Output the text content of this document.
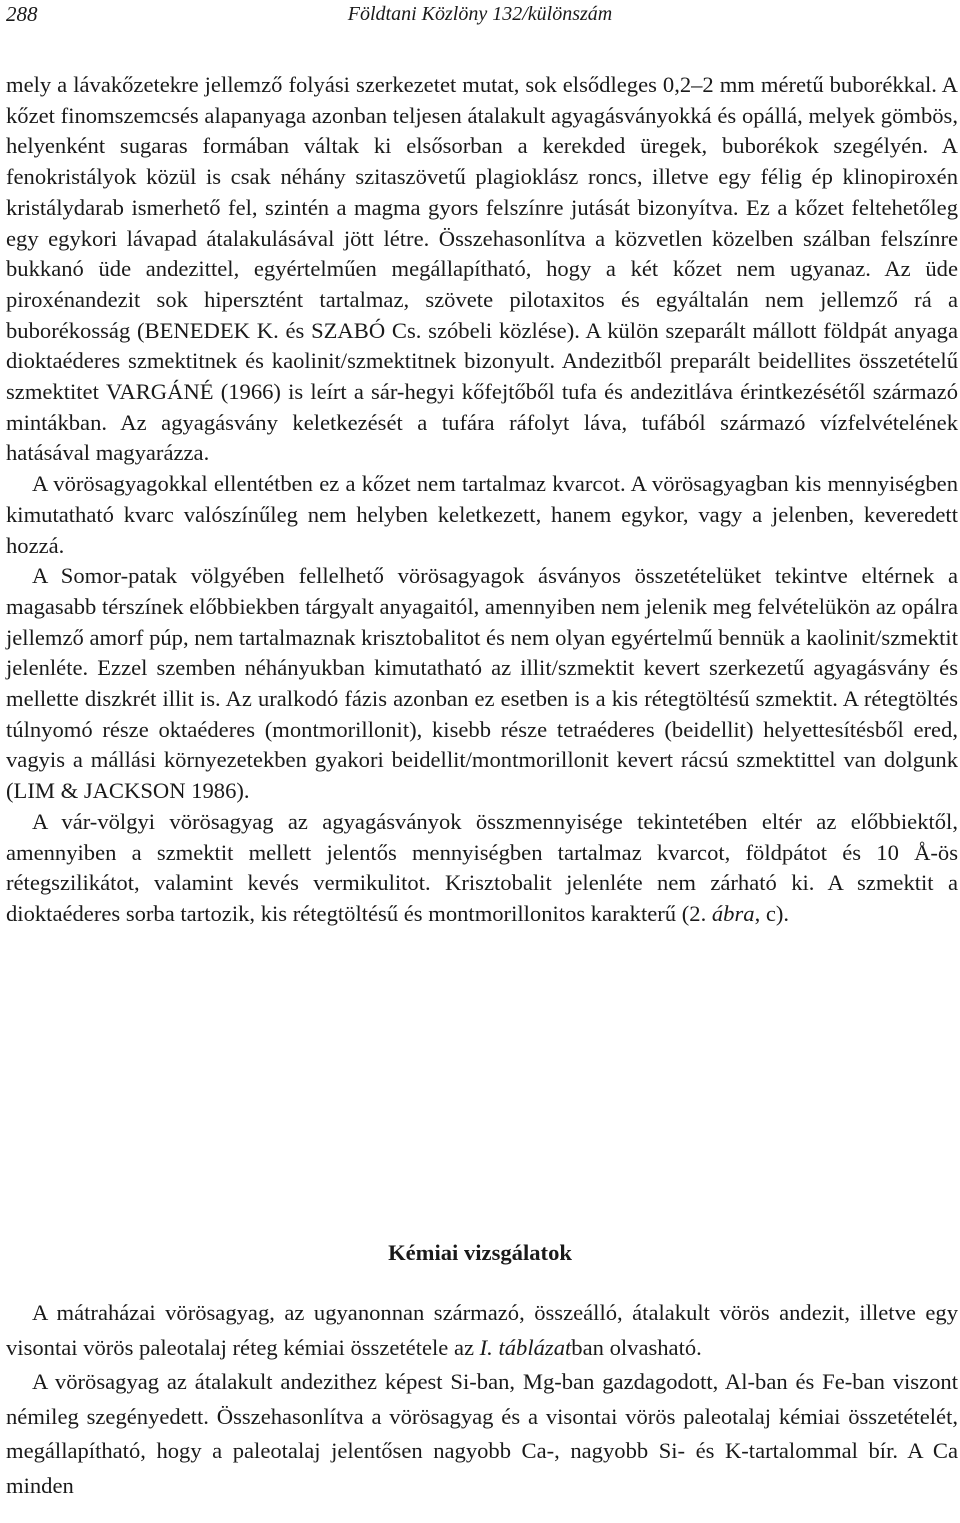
288	Földtani Közlöny 132/különszám

mely a lávakőzetekre jellemző folyási szerkezetet mutat, sok elsődleges 0,2–2 mm méretű buborékkal. A kőzet finomszemcsés alapanyaga azonban teljesen átalakult agyagásványokká és opállá, melyek gömbös, helyenként sugaras formában váltak ki elsősorban a kerekded üregek, buborékok szegélyén. A fenokristályok közül is csak néhány szitaszövetű plagioklász roncs, illetve egy félig ép klinopiroxén kristálydarab ismerhető fel, szintén a magma gyors felszínre jutását bizonyítva. Ez a kőzet feltehetőleg egy egykori lávapad átalakulásával jött létre. Összehasonlítva a közvetlen közelben szálban felszínre bukkanó üde andezittel, egyértelműen megállapítható, hogy a két kőzet nem ugyanaz. Az üde piroxénandezit sok hipersztént tartalmaz, szövete pilotaxitos és egyáltalán nem jellemző rá a buborékosság (BENEDEK K. és SZABÓ Cs. szóbeli közlése). A külön szeparált mállott földpát anyaga dioktaéderes szmektitnek és kaolinit/szmektitnek bizonyult. Andezitből preparált beidellites összetételű szmektitet VARGÁNÉ (1966) is leírt a sár-hegyi kőfejtőből tufa és andezitláva érintkezésétől származó mintákban. Az agyagásvány keletkezését a tufára ráfolyt láva, tufából származó vízfelvételének hatásával magyarázza.

A vörösagyagokkal ellentétben ez a kőzet nem tartalmaz kvarcot. A vörösagyagban kis mennyiségben kimutatható kvarc valószínűleg nem helyben keletkezett, hanem egykor, vagy a jelenben, keveredett hozzá.

A Somor-patak völgyében fellelhető vörösagyagok ásványos összetételüket tekintve eltérnek a magasabb térszínek előbbiekben tárgyalt anyagaitól, amennyiben nem jelenik meg felvételükön az opálra jellemző amorf púp, nem tartalmaznak krisztobalitot és nem olyan egyértelmű bennük a kaolinit/szmektit jelenléte. Ezzel szemben néhányukban kimutatható az illit/szmektit kevert szerkezetű agyagásvány és mellette diszkrét illit is. Az uralkodó fázis azonban ez esetben is a kis rétegtöltésű szmektit. A rétegtöltés túlnyomó része oktaéderes (montmorillonit), kisebb része tetraéderes (beidellit) helyettesítésből ered, vagyis a mállási környezetekben gyakori beidellit/montmorillonit kevert rácsú szmektittel van dolgunk (LIM & JACKSON 1986).

A vár-völgyi vörösagyag az agyagásványok összmennyisége tekintetében eltér az előbbiektől, amennyiben a szmektit mellett jelentős mennyiségben tartalmaz kvarcot, földpátot és 10 Å-ös rétegszilikátot, valamint kevés vermikulitot. Krisztobalit jelenléte nem zárható ki. A szmektit a dioktaéderes sorba tartozik, kis rétegtöltésű és montmorillonitos karakterű (2. ábra, c).

Kémiai vizsgálatok

A mátraházai vörösagyag, az ugyanonnan származó, összeálló, átalakult vörös andezit, illetve egy visontai vörös paleotalaj réteg kémiai összetétele az I. táblázatban olvasható.

A vörösagyag az átalakult andezithez képest Si-ban, Mg-ban gazdagodott, Al-ban és Fe-ban viszont némileg szegényedett. Összehasonlítva a vörösagyag és a visontai vörös paleotalaj kémiai összetételét, megállapítható, hogy a paleotalaj jelentősen nagyobb Ca-, nagyobb Si- és K-tartalommal bír. A Ca minden
